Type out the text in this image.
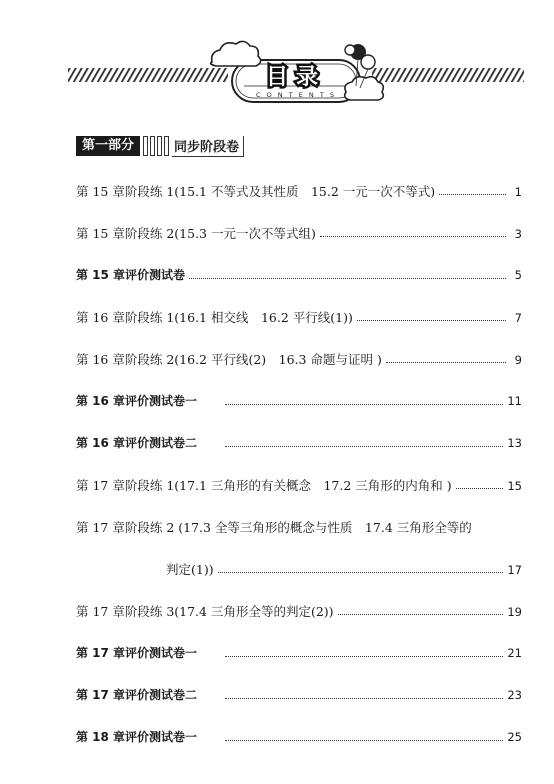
目录
C O N T E N T S
第一部分	同步阶段卷
第 15 章阶段练 1(15.1 不等式及其性质　15.2 一元一次不等式)	1
第 15 章阶段练 2(15.3 一元一次不等式组)	3
第 15 章评价测试卷	5
第 16 章阶段练 1(16.1 相交线　16.2 平行线(1))	7
第 16 章阶段练 2(16.2 平行线(2)　16.3 命题与证明 )	9
第 16 章评价测试卷一	11
第 16 章评价测试卷二	13
第 17 章阶段练 1(17.1 三角形的有关概念　17.2 三角形的内角和 )	15
第 17 章阶段练 2 (17.3 全等三角形的概念与性质　17.4 三角形全等的
判定(1))	17
第 17 章阶段练 3(17.4 三角形全等的判定(2))	19
第 17 章评价测试卷一	21
第 17 章评价测试卷二	23
第 18 章评价测试卷一	25
